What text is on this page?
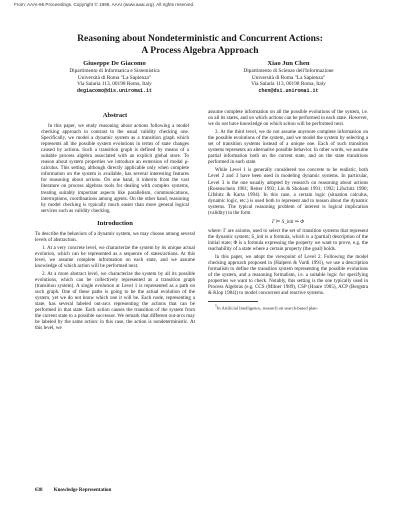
From: AAAI-96 Proceedings. Copyright © 1996, AAAI (www.aaai.org). All rights reserved.
Reasoning about Nondeterministic and Concurrent Actions:
A Process Algebra Approach
Giuseppe De Giacomo
Dipartimento di Informatica e Sistemistica
Università di Roma "La Sapienza"
Via Salaria 113, 00198 Roma, Italy
degiacomo@dis.uniroma1.it
Xiao Jun Chen
Dipartimento di Scienze dell'Informazione
Università di Roma "La Sapienza"
Via Salaria 113, 00198 Roma, Italy
chen@dsi.uniroma1.it
Abstract

In this paper, we study reasoning about actions following a model checking approach in contrast to the usual validity checking one. Specifically, we model a dynamic system as a transition graph which represents all the possible system evolutions in terms of state changes caused by actions. Such a transition graph is defined by means of a suitable process algebra associated with an explicit global store. To reason about system properties we introduce an extension of modal μ-calculus. This setting, although directly applicable only when complete information on the system is available, has several interesting features for reasoning about actions. On one hand, it inherits from the vast literature on process algebras tools for dealing with complex systems, treating suitably important aspects like parallelism, communications, interruptions, coordinations among agents. On the other hand, reasoning by model checking is typically much easier than more general logical services such as validity checking.

Introduction

To describe the behaviors of a dynamic system, we may choose among several levels of abstraction.

1. At a very concrete level, we characterize the system by its unique actual evolution, which can be represented as a sequence of states/actions. At this level, we assume complete information on each state, and we assume knowledge of which action will be performed next.

2. At a more abstract level, we characterize the system by all its possible evolutions, which can be collectively represented as a transition graph (transition system). A single evolution at Level 1 is represented as a path on such graph. One of these paths is going to be the actual evolution of the system, yet we do not know which one it will be. Each node, representing a state, has several labeled out-arcs representing the actions that can be performed in that state. Each action causes the transition of the system from the current state to a possible successor. We remark that different out-arcs may be labeled by the same action: in this case, the action is nondeterministic. At this level, we

assume complete information on all the possible evolutions of the system, i.e. on all its states, and on which actions can be performed in each state. However, we do not have knowledge on which action will be performed next.

3. At the third level, we do not assume anymore complete information on the possible evolutions of the system, and we model the system by selecting a set of transition systems instead of a unique one. Each of such transition systems represents an alternative possible behavior. In other words, we assume partial information both on the current state, and on the state transitions performed in each state.

While Level 1 is generally considered too concrete to be realistic, both Level 2 and 3 have been used in modeling dynamic systems. In particular, Level 3 is the one usually adopted by research on reasoning about actions (Rosenschein 1981; Reiter 1993; Lin & Shoham 1991; 1992; Lifschitz 1990; Lifshitz & Karta 1994). In this case, a certain logic (situation calculus, dynamic logic, etc.) is used both to represent and to reason about the dynamic systems. The typical reasoning problem of interest is logical implication (validity) in the form

Γ ⊨ S_init ⇒ Φ

where: Γ are axioms, used to select the set of transition systems that represent the dynamic system; S_init is a formula, which is a (partial) description of the initial state; Φ is a formula expressing the property we want to prove, e.g. the reachability of a state where a certain property (the goal) holds.

In this paper, we adopt the viewpoint of Level 2. Following the model checking approach proposed in (Halpern & Vardi 1991), we use a description formalism to define the transition system representing the possible evolutions of the system, and a reasoning formalism, i.e. a suitable logic for specifying properties we want to check. Notably, this setting is the one typically used in Process Algebras (e.g. CCS (Milner 1989), CSP (Hoare 1985), ACP (Bergstra & Klop 1984)) to model concurrent and reactive systems.

$^1$In Artificial Intelligence, research on search-based plan-

638 Knowledge Representation
